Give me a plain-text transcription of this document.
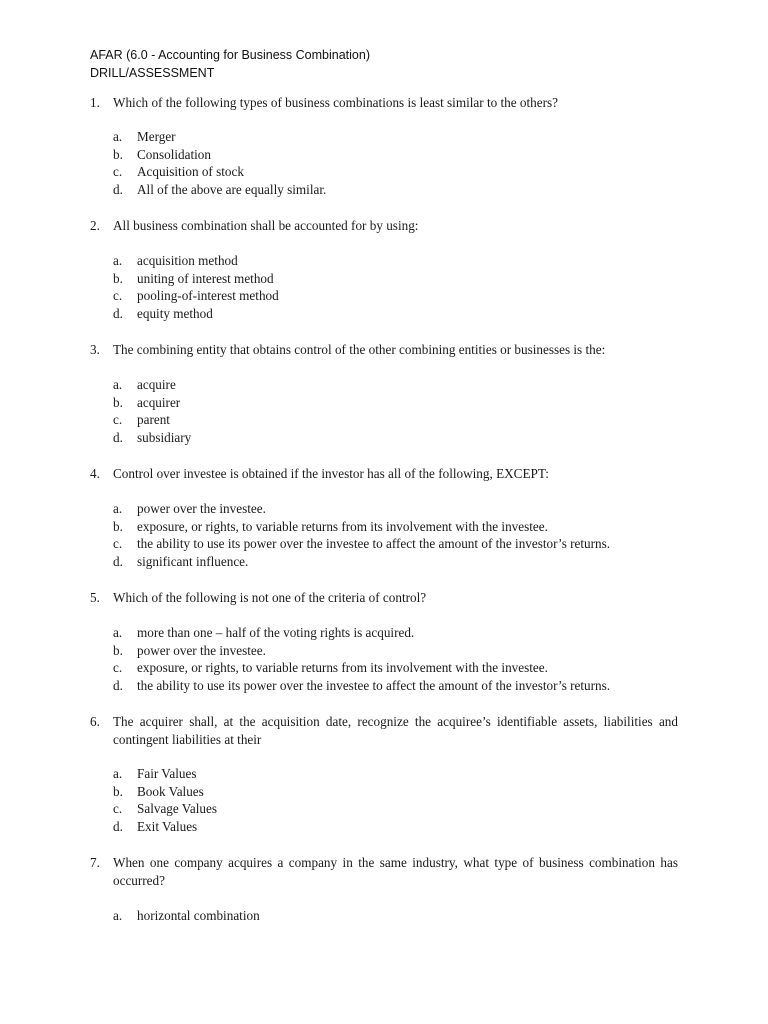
AFAR (6.0 - Accounting for Business Combination)
DRILL/ASSESSMENT
1. Which of the following types of business combinations is least similar to the others?
a.	Merger
b.	Consolidation
c.	Acquisition of stock
d.	All of the above are equally similar.
2. All business combination shall be accounted for by using:
a.	acquisition method
b.	uniting of interest method
c.	pooling-of-interest method
d.	equity method
3. The combining entity that obtains control of the other combining entities or businesses is the:
a.	acquire
b.	acquirer
c.	parent
d.	subsidiary
4. Control over investee is obtained if the investor has all of the following, EXCEPT:
a.	power over the investee.
b.	exposure, or rights, to variable returns from its involvement with the investee.
c.	the ability to use its power over the investee to affect the amount of the investor’s returns.
d.	significant influence.
5. Which of the following is not one of the criteria of control?
a.	more than one – half of the voting rights is acquired.
b.	power over the investee.
c.	exposure, or rights, to variable returns from its involvement with the investee.
d.	the ability to use its power over the investee to affect the amount of the investor’s returns.
6. The acquirer shall, at the acquisition date, recognize the acquiree’s identifiable assets, liabilities and contingent liabilities at their
a.	Fair Values
b.	Book Values
c.	Salvage Values
d.	Exit Values
7. When one company acquires a company in the same industry, what type of business combination has occurred?
a.	horizontal combination
